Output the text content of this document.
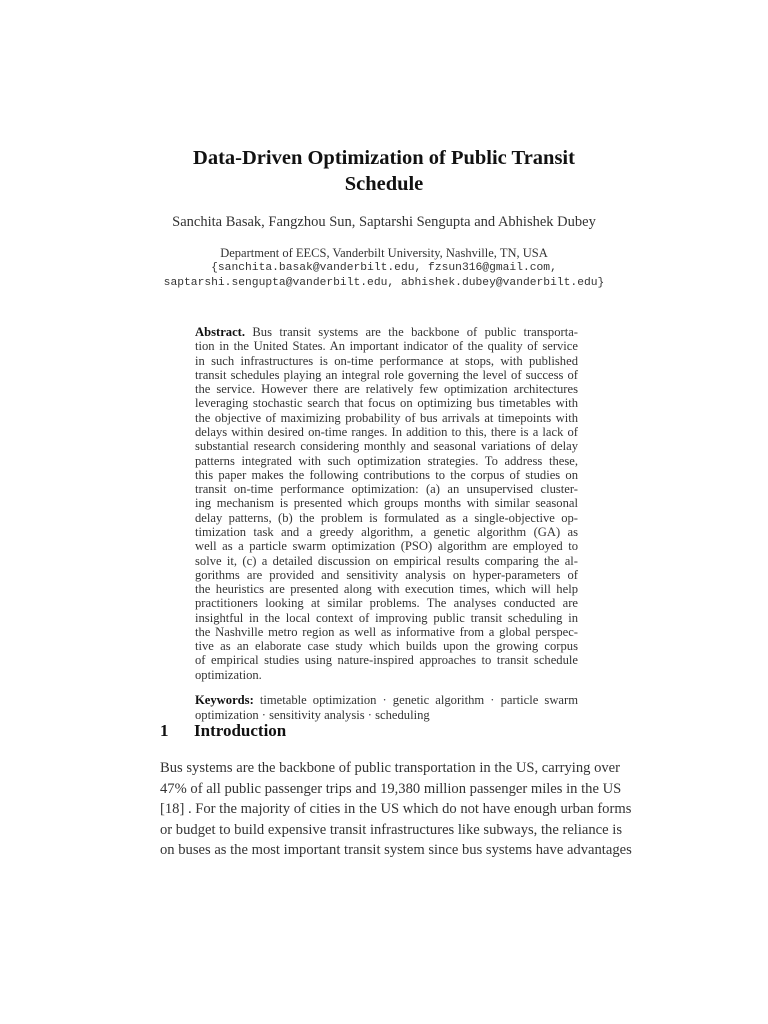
Data-Driven Optimization of Public Transit
Schedule
Sanchita Basak, Fangzhou Sun, Saptarshi Sengupta and Abhishek Dubey
Department of EECS, Vanderbilt University, Nashville, TN, USA
{sanchita.basak@vanderbilt.edu, fzsun316@gmail.com,
saptarshi.sengupta@vanderbilt.edu, abhishek.dubey@vanderbilt.edu}
Abstract. Bus transit systems are the backbone of public transporta-
tion in the United States. An important indicator of the quality of service
in such infrastructures is on-time performance at stops, with published
transit schedules playing an integral role governing the level of success of
the service. However there are relatively few optimization architectures
leveraging stochastic search that focus on optimizing bus timetables with
the objective of maximizing probability of bus arrivals at timepoints with
delays within desired on-time ranges. In addition to this, there is a lack of
substantial research considering monthly and seasonal variations of delay
patterns integrated with such optimization strategies. To address these,
this paper makes the following contributions to the corpus of studies on
transit on-time performance optimization: (a) an unsupervised cluster-
ing mechanism is presented which groups months with similar seasonal
delay patterns, (b) the problem is formulated as a single-objective op-
timization task and a greedy algorithm, a genetic algorithm (GA) as
well as a particle swarm optimization (PSO) algorithm are employed to
solve it, (c) a detailed discussion on empirical results comparing the al-
gorithms are provided and sensitivity analysis on hyper-parameters of
the heuristics are presented along with execution times, which will help
practitioners looking at similar problems. The analyses conducted are
insightful in the local context of improving public transit scheduling in
the Nashville metro region as well as informative from a global perspec-
tive as an elaborate case study which builds upon the growing corpus
of empirical studies using nature-inspired approaches to transit schedule
optimization.
Keywords: timetable optimization · genetic algorithm · particle swarm
optimization · sensitivity analysis · scheduling
1 Introduction
Bus systems are the backbone of public transportation in the US, carrying over
47% of all public passenger trips and 19,380 million passenger miles in the US
[18] . For the majority of cities in the US which do not have enough urban forms
or budget to build expensive transit infrastructures like subways, the reliance is
on buses as the most important transit system since bus systems have advantages
